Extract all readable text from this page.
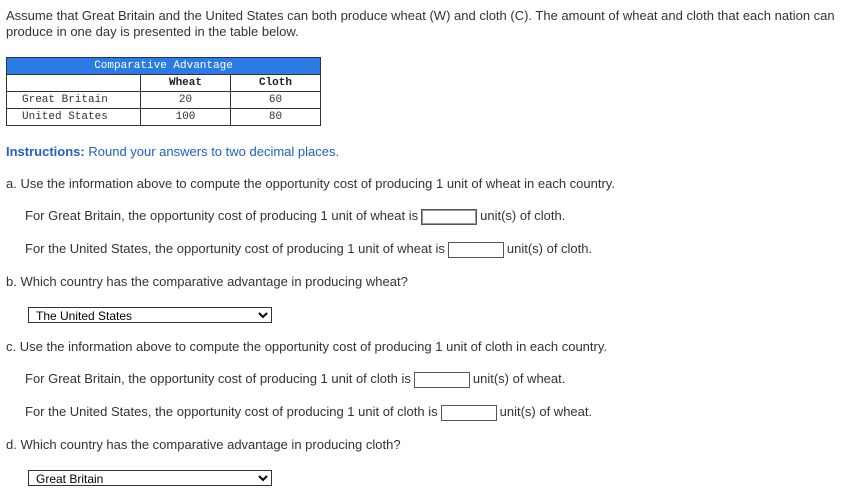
Assume that Great Britain and the United States can both produce wheat (W) and cloth (C). The amount of wheat and cloth that each nation can produce in one day is presented in the table below.
Comparative Advantage		
	Wheat	Cloth
Great Britain	20	60
United States	100	80
Instructions: Round your answers to two decimal places.
a. Use the information above to compute the opportunity cost of producing 1 unit of wheat in each country.
For Great Britain, the opportunity cost of producing 1 unit of wheat is	unit(s) of cloth.
For the United States, the opportunity cost of producing 1 unit of wheat is	unit(s) of cloth.
b. Which country has the comparative advantage in producing wheat?
The United States
c. Use the information above to compute the opportunity cost of producing 1 unit of cloth in each country.
For Great Britain, the opportunity cost of producing 1 unit of cloth is	unit(s) of wheat.
For the United States, the opportunity cost of producing 1 unit of cloth is	unit(s) of wheat.
d. Which country has the comparative advantage in producing cloth?
Great Britain
